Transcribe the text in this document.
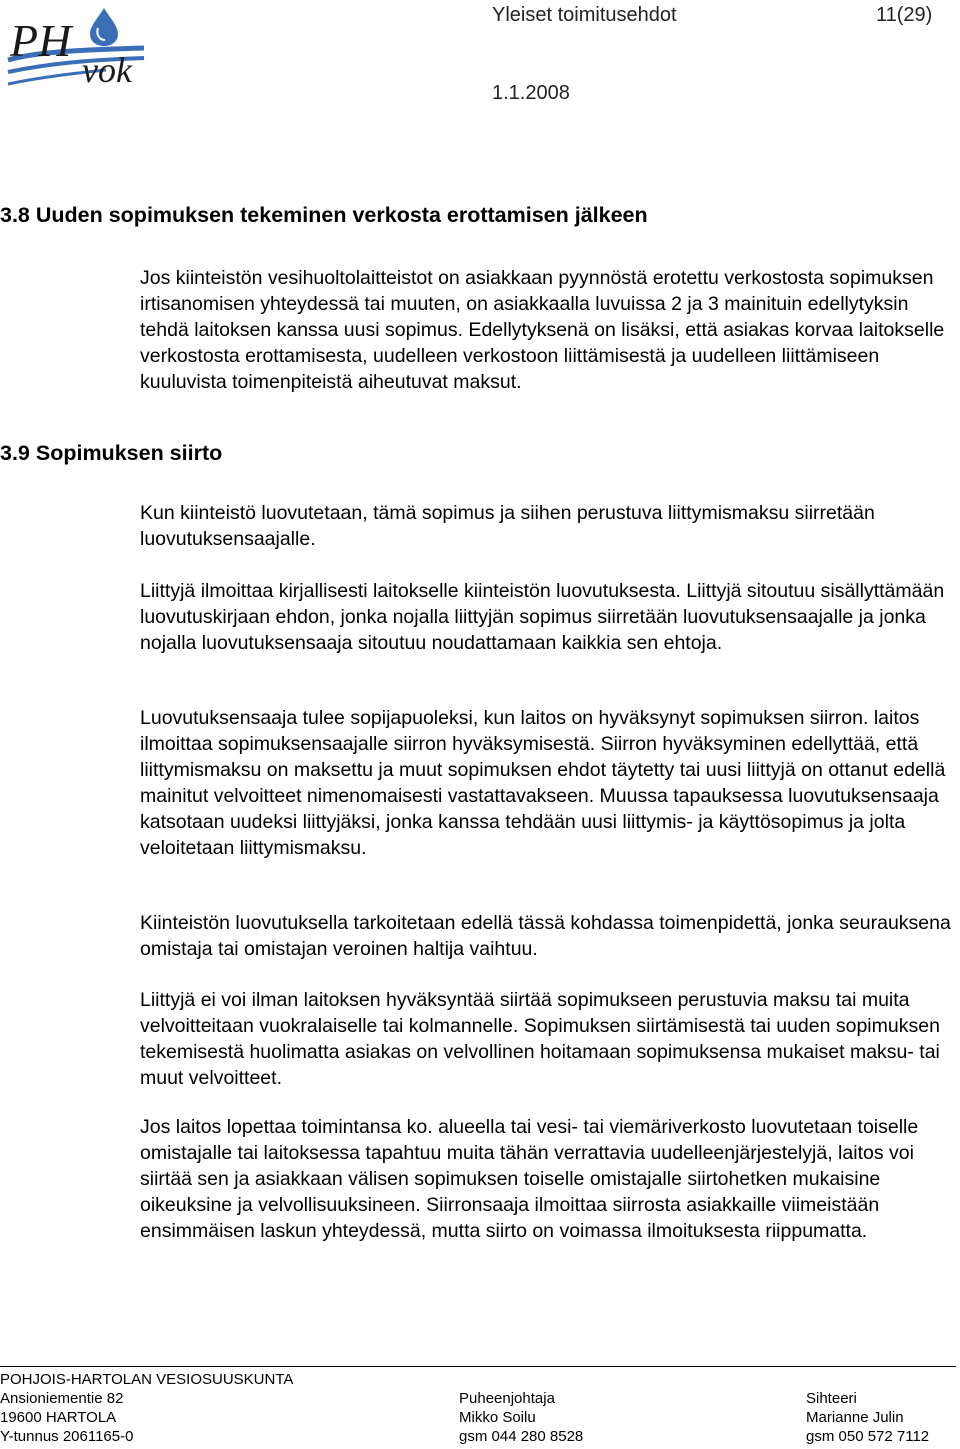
PH
vok
Yleiset toimitusehdot	11(29)
1.1.2008
3.8 Uuden sopimuksen tekeminen verkosta erottamisen jälkeen

Jos kiinteistön vesihuoltolaitteistot on asiakkaan pyynnöstä erotettu verkostosta sopimuksen irtisanomisen yhteydessä tai muuten, on asiakkaalla luvuissa 2 ja 3 mainituin edellytyksin tehdä laitoksen kanssa uusi sopimus. Edellytyksenä on lisäksi, että asiakas korvaa laitokselle verkostosta erottamisesta, uudelleen verkostoon liittämisestä ja uudelleen liittämiseen kuuluvista toimenpiteistä aiheutuvat maksut.

3.9 Sopimuksen siirto

Kun kiinteistö luovutetaan, tämä sopimus ja siihen perustuva liittymismaksu siirretään luovutuksensaajalle.

Liittyjä ilmoittaa kirjallisesti laitokselle kiinteistön luovutuksesta. Liittyjä sitoutuu sisällyttämään luovutuskirjaan ehdon, jonka nojalla liittyjän sopimus siirretään luovutuksensaajalle ja jonka nojalla luovutuksensaaja sitoutuu noudattamaan kaikkia sen ehtoja.

Luovutuksensaaja tulee sopijapuoleksi, kun laitos on hyväksynyt sopimuksen siirron. laitos ilmoittaa sopimuksensaajalle siirron hyväksymisestä. Siirron hyväksyminen edellyttää, että liittymismaksu on maksettu ja muut sopimuksen ehdot täytetty tai uusi liittyjä on ottanut edellä mainitut velvoitteet nimenomaisesti vastattavakseen. Muussa tapauksessa luovutuksensaaja katsotaan uudeksi liittyjäksi, jonka kanssa tehdään uusi liittymis- ja käyttösopimus ja jolta veloitetaan liittymismaksu.

Kiinteistön luovutuksella tarkoitetaan edellä tässä kohdassa toimenpidettä, jonka seurauksena omistaja tai omistajan veroinen haltija vaihtuu.

Liittyjä ei voi ilman laitoksen hyväksyntää siirtää sopimukseen perustuvia maksu tai muita velvoitteitaan vuokralaiselle tai kolmannelle. Sopimuksen siirtämisestä tai uuden sopimuksen tekemisestä huolimatta asiakas on velvollinen hoitamaan sopimuksensa mukaiset maksu- tai muut velvoitteet.

Jos laitos lopettaa toimintansa ko. alueella tai vesi- tai viemäriverkosto luovutetaan toiselle omistajalle tai laitoksessa tapahtuu muita tähän verrattavia uudelleenjärjestelyjä, laitos voi siirtää sen ja asiakkaan välisen sopimuksen toiselle omistajalle siirtohetken mukaisine oikeuksine ja velvollisuuksineen. Siirronsaaja ilmoittaa siirrosta asiakkaille viimeistään ensimmäisen laskun yhteydessä, mutta siirto on voimassa ilmoituksesta riippumatta.

POHJOIS-HARTOLAN VESIOSUUSKUNTA
Ansioniementie 82
19600 HARTOLA
Y-tunnus 2061165-0
Puheenjohtaja
Mikko Soilu
gsm 044 280 8528
Sihteeri
Marianne Julin
gsm 050 572 7112
